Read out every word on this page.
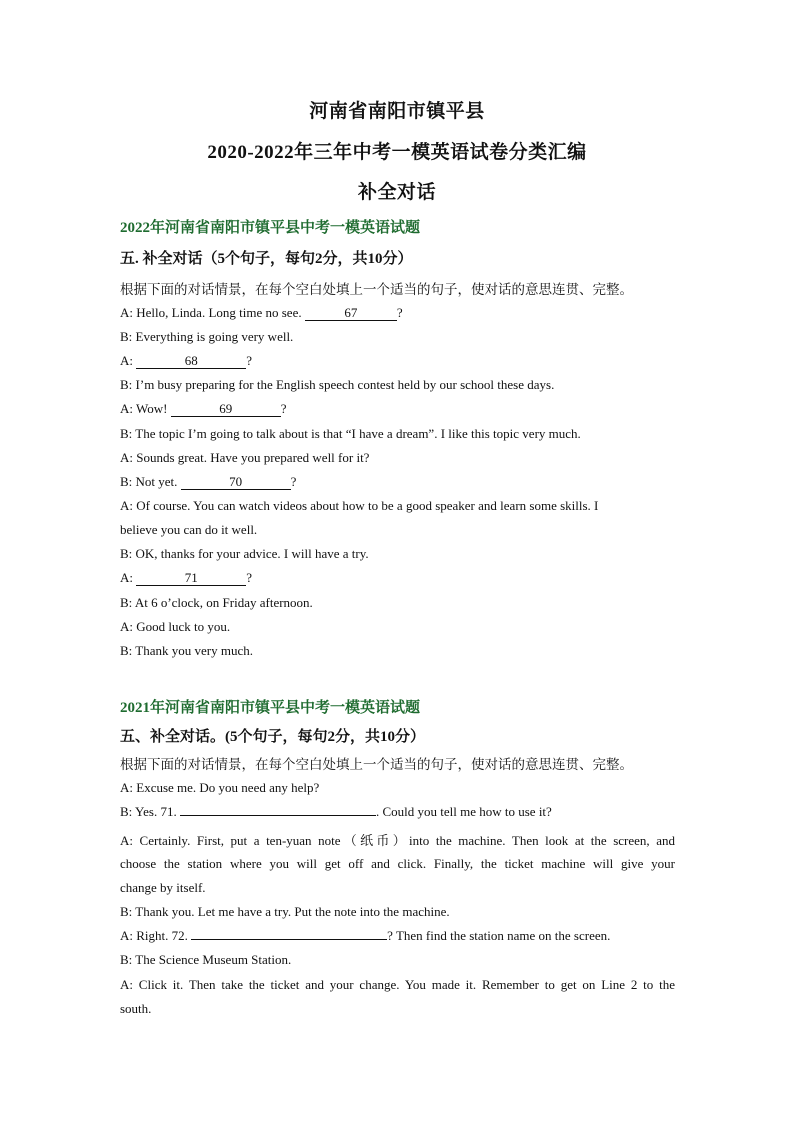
河南省南阳市镇平县
2020-2022年三年中考一模英语试卷分类汇编
补全对话
2022年河南省南阳市镇平县中考一模英语试题
五. 补全对话（5个句子，每句2分，共10分）
根据下面的对话情景，在每个空白处填上一个适当的句子，使对话的意思连贯、完整。
A: Hello, Linda. Long time no see.	67	?
B: Everything is going very well.
A:	68	?
B: I’m busy preparing for the English speech contest held by our school these days.
A: Wow!	69	?
B: The topic I’m going to talk about is that “I have a dream”. I like this topic very much.
A: Sounds great. Have you prepared well for it?
B: Not yet.	70	?
A: Of course. You can watch videos about how to be a good speaker and learn some skills. I
believe you can do it well.
B: OK, thanks for your advice. I will have a try.
A:	71	?
B: At 6 o’clock, on Friday afternoon.
A: Good luck to you.
B: Thank you very much.
2021年河南省南阳市镇平县中考一模英语试题
五、补全对话。(5个句子，每句2分，共10分）
根据下面的对话情景，在每个空白处填上一个适当的句子，使对话的意思连贯、完整。
A: Excuse me. Do you need any help?
B: Yes. 71.	. Could you tell me how to use it?
A: Certainly. First, put a ten-yuan note（纸币）into the machine. Then look at the screen, and
choose the station where you will get off and click. Finally, the ticket machine will give your
change by itself.
B: Thank you. Let me have a try. Put the note into the machine.
A: Right. 72.	? Then find the station name on the screen.
B: The Science Museum Station.
A: Click it. Then take the ticket and your change. You made it. Remember to get on Line 2 to the
south.
